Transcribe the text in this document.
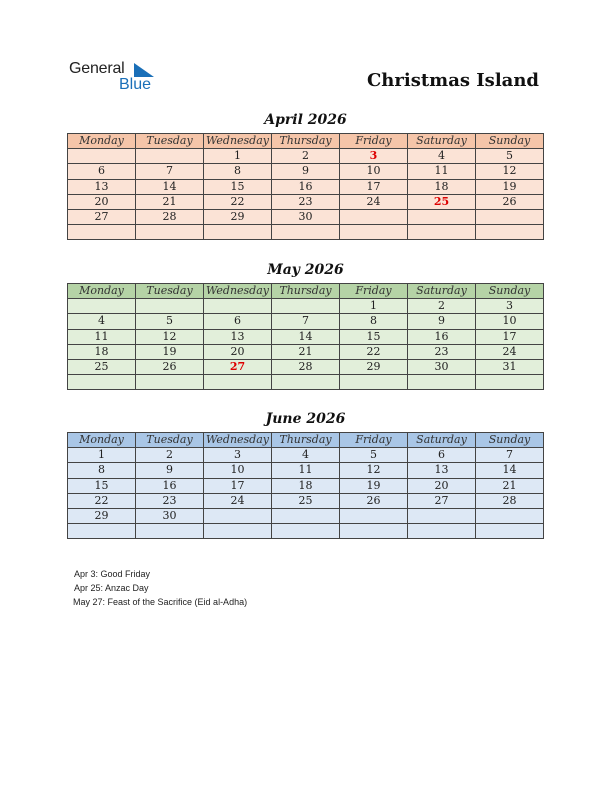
General
Blue	Christmas Island
April 2026
Monday	Tuesday	Wednesday	Thursday	Friday	Saturday	Sunday
		1	2	3	4	5
6	7	8	9	10	11	12
13	14	15	16	17	18	19
20	21	22	23	24	25	26
27	28	29	30			

May 2026
Monday	Tuesday	Wednesday	Thursday	Friday	Saturday	Sunday
				1	2	3
4	5	6	7	8	9	10
11	12	13	14	15	16	17
18	19	20	21	22	23	24
25	26	27	28	29	30	31

June 2026
Monday	Tuesday	Wednesday	Thursday	Friday	Saturday	Sunday
1	2	3	4	5	6	7
8	9	10	11	12	13	14
15	16	17	18	19	20	21
22	23	24	25	26	27	28
29	30					

Apr 3: Good Friday
Apr 25: Anzac Day
May 27: Feast of the Sacrifice (Eid al-Adha)
